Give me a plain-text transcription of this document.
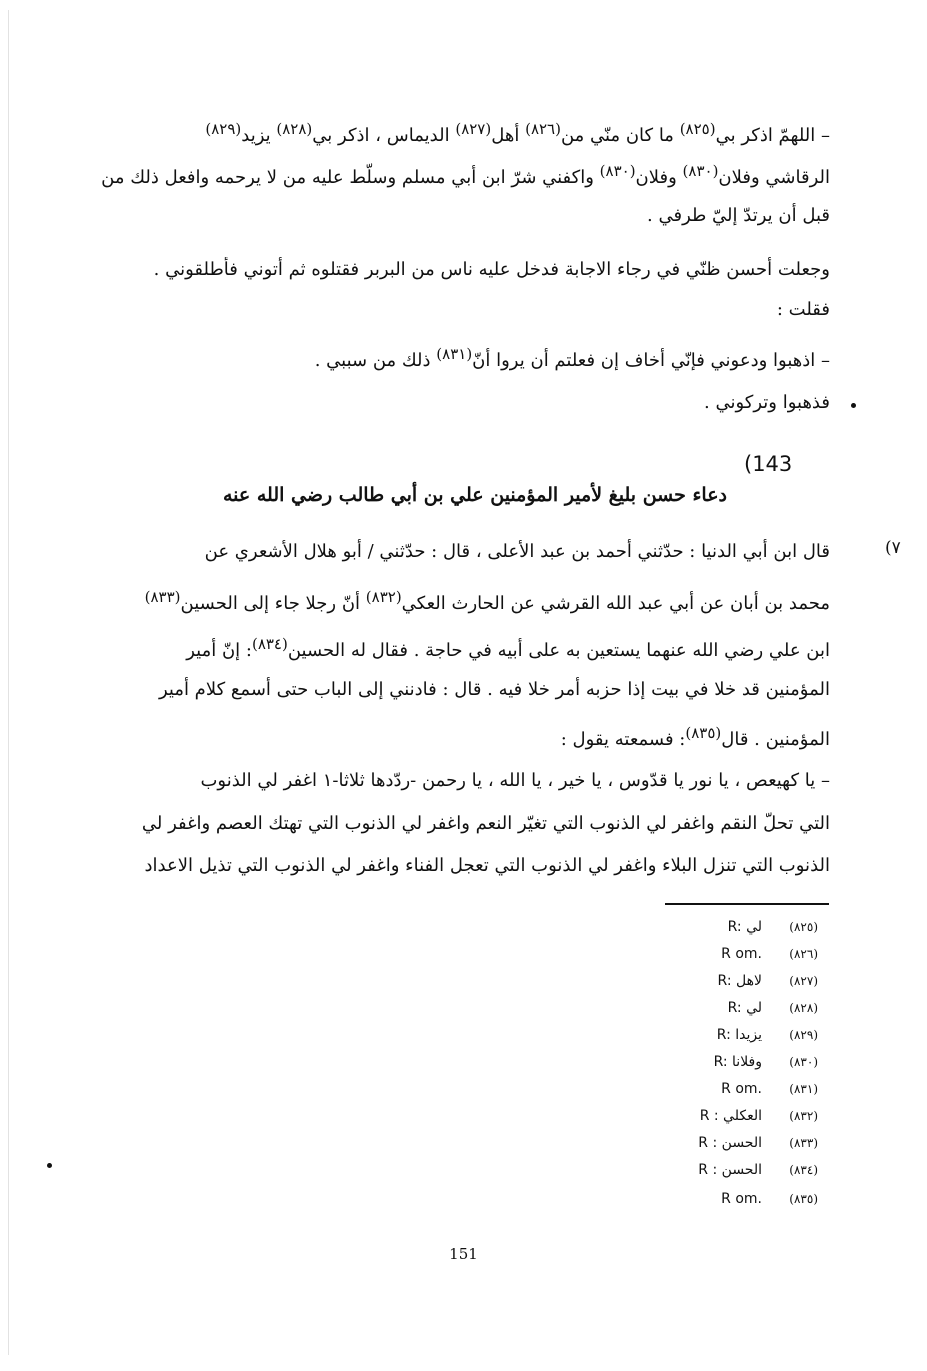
– اللهمّ اذكر بي$^{(٨٢٥)}$ ما كان منّي من$^{(٨٢٦)}$ أهل$^{(٨٢٧)}$ الديماس ، اذكر بي$^{(٨٢٨)}$ يزيد$^{(٨٢٩)}$
الرقاشي وفلان$^{(٨٣٠)}$ وفلان$^{(٨٣٠)}$ واكفني شرّ ابن أبي مسلم وسلّط عليه من لا يرحمه وافعل ذلك من
قبل أن يرتدّ إليّ طرفي .
وجعلت أحسن ظنّي في رجاء الاجابة فدخل عليه ناس من البربر فقتلوه ثم أتوني فأطلقوني .
فقلت :
– اذهبوا ودعوني فإنّي أخاف إن فعلتم أن يروا أنّ$^{(٨٣١)}$ ذلك من سببي .
فذهبوا وتركوني .
(143
دعاء حسن بليغ لأمير المؤمنين علي بن أبي طالب رضي الله عنه
(٧
قال ابن أبي الدنيا : حدّثني أحمد بن عبد الأعلى ، قال : حدّثني / أبو هلال الأشعري عن
محمد بن أبان عن أبي عبد الله القرشي عن الحارث العكي$^{(٨٣٢)}$ أنّ رجلا جاء إلى الحسين$^{(٨٣٣)}$
ابن علي رضي الله عنهما يستعين به على أبيه في حاجة . فقال له الحسين$^{(٨٣٤)}$: إنّ أمير
المؤمنين قد خلا في بيت إذا حزبه أمر خلا فيه . قال : فادنني إلى الباب حتى أسمع كلام أمير
المؤمنين . قال$^{(٨٣٥)}$: فسمعته يقول :
– يا كهيعص ، يا نور يا قدّوس ، يا خير ، يا الله ، يا رحمن -ردّدها ثلاثا-١ اغفر لي الذنوب
التي تحلّ النقم واغفر لي الذنوب التي تغيّر النعم واغفر لي الذنوب التي تهتك العصم واغفر لي
الذنوب التي تنزل البلاء واغفر لي الذنوب التي تعجل الفناء واغفر لي الذنوب التي تذيل الاعداد
R: لي (٨٢٥)
R om. (٨٢٦)
R: لاهل (٨٢٧)
R: لي (٨٢٨)
R: يزيدا (٨٢٩)
R: وفلانا (٨٣٠)
R om. (٨٣١)
R : العكلي (٨٣٢)
R : الحسن (٨٣٣)
R : الحسن (٨٣٤)
R om. (٨٣٥)
151
